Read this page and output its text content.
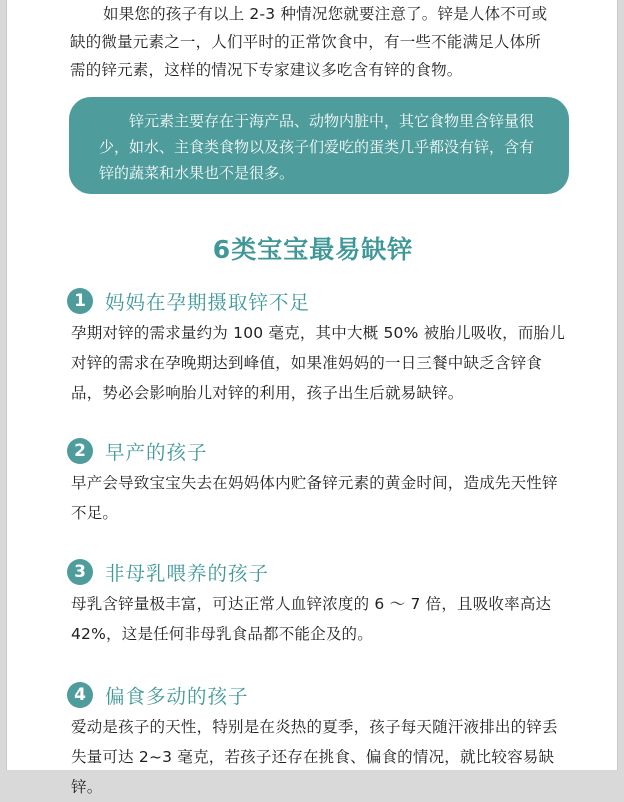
如果您的孩子有以上 2-3 种情况您就要注意了。锌是人体不可或
缺的微量元素之一，人们平时的正常饮食中，有一些不能满足人体所
需的锌元素，这样的情况下专家建议多吃含有锌的食物。

锌元素主要存在于海产品、动物内脏中，其它食物里含锌量很少，如水、主食类食物以及孩子们爱吃的蛋类几乎都没有锌，含有锌的蔬菜和水果也不是很多。

6类宝宝最易缺锌
1 妈妈在孕期摄取锌不足

孕期对锌的需求量约为 100 毫克，其中大概 50% 被胎儿吸收，而胎儿对锌的需求在孕晚期达到峰值，如果准妈妈的一日三餐中缺乏含锌食品，势必会影响胎儿对锌的利用，孩子出生后就易缺锌。

2 早产的孩子

早产会导致宝宝失去在妈妈体内贮备锌元素的黄金时间，造成先天性锌不足。

3 非母乳喂养的孩子

母乳含锌量极丰富，可达正常人血锌浓度的 6 ～ 7 倍，且吸收率高达 42%，这是任何非母乳食品都不能企及的。

4 偏食多动的孩子

爱动是孩子的天性，特别是在炎热的夏季，孩子每天随汗液排出的锌丢失量可达 2~3 毫克，若孩子还存在挑食、偏食的情况，就比较容易缺锌。
